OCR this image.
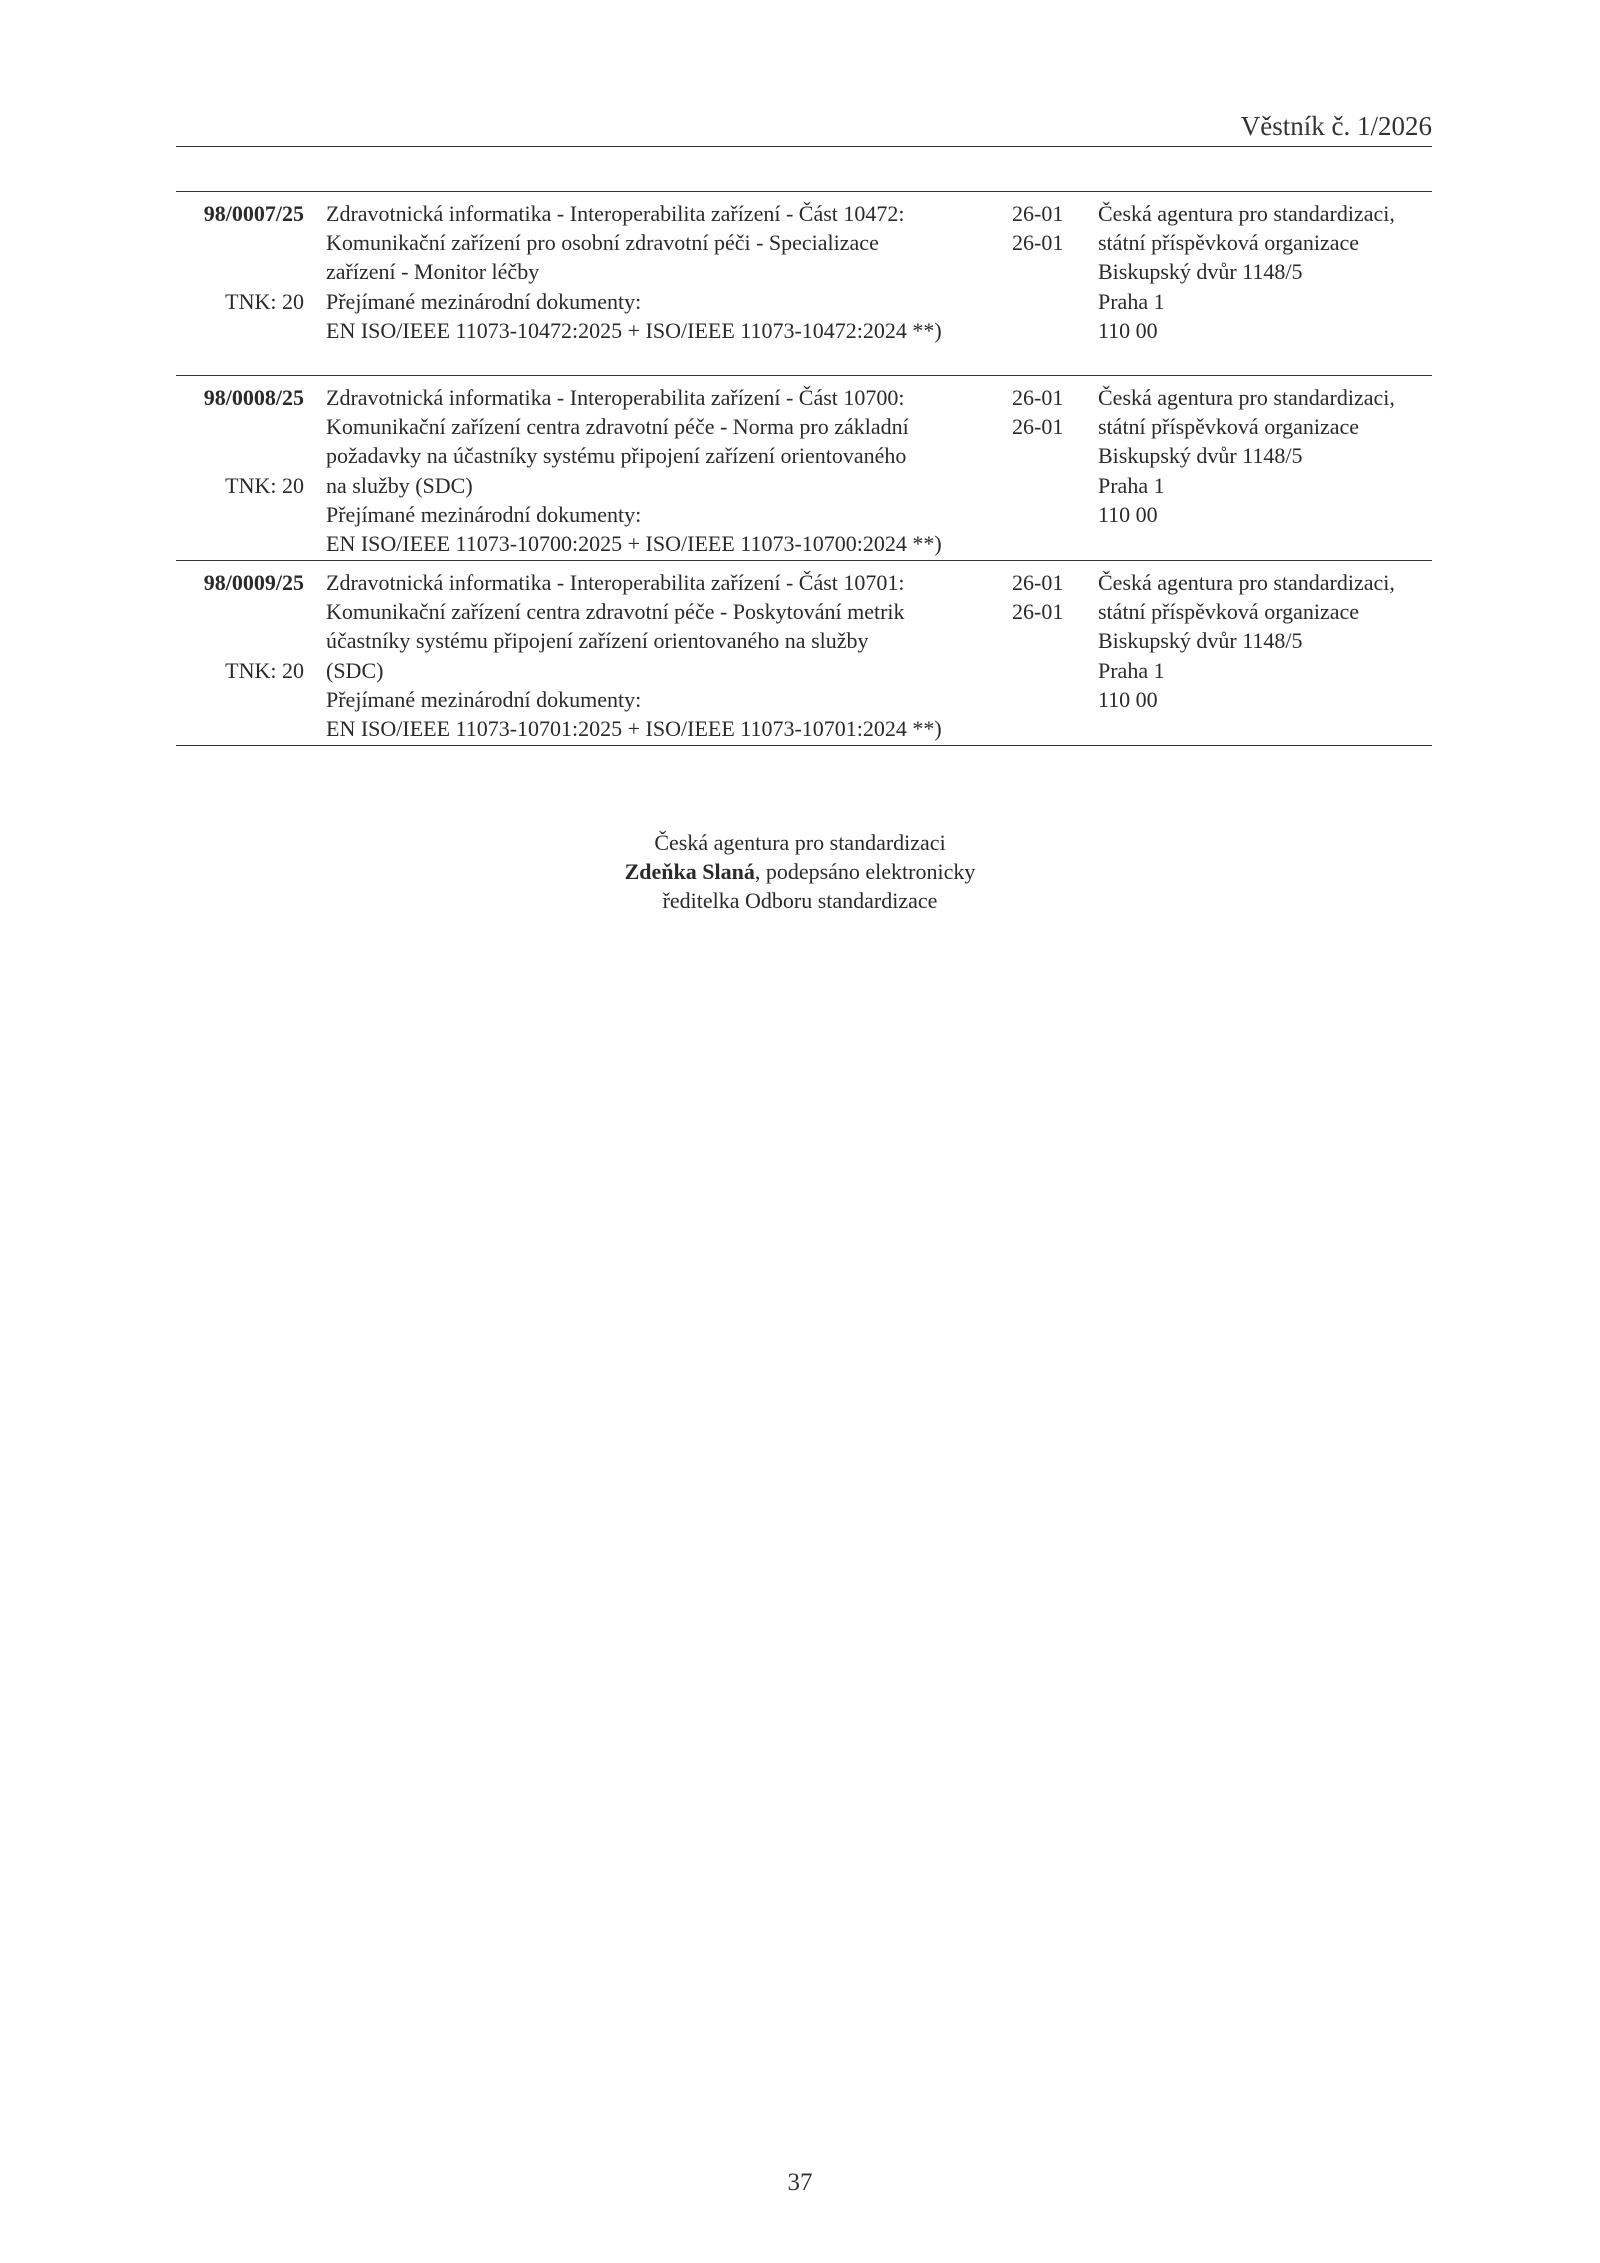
Věstník č. 1/2026
98/0007/25
TNK: 20
Zdravotnická informatika - Interoperabilita zařízení - Část 10472:
Komunikační zařízení pro osobní zdravotní péči - Specializace
zařízení - Monitor léčby
Přejímané mezinárodní dokumenty:
EN ISO/IEEE 11073-10472:2025 + ISO/IEEE 11073-10472:2024 **)
26-01
26-01
Česká agentura pro standardizaci,
státní příspěvková organizace
Biskupský dvůr 1148/5
Praha 1
110 00
98/0008/25
TNK: 20
Zdravotnická informatika - Interoperabilita zařízení - Část 10700:
Komunikační zařízení centra zdravotní péče - Norma pro základní
požadavky na účastníky systému připojení zařízení orientovaného
na služby (SDC)
Přejímané mezinárodní dokumenty:
EN ISO/IEEE 11073-10700:2025 + ISO/IEEE 11073-10700:2024 **)
26-01
26-01
Česká agentura pro standardizaci,
státní příspěvková organizace
Biskupský dvůr 1148/5
Praha 1
110 00
98/0009/25
TNK: 20
Zdravotnická informatika - Interoperabilita zařízení - Část 10701:
Komunikační zařízení centra zdravotní péče - Poskytování metrik
účastníky systému připojení zařízení orientovaného na služby
(SDC)
Přejímané mezinárodní dokumenty:
EN ISO/IEEE 11073-10701:2025 + ISO/IEEE 11073-10701:2024 **)
26-01
26-01
Česká agentura pro standardizaci,
státní příspěvková organizace
Biskupský dvůr 1148/5
Praha 1
110 00
Česká agentura pro standardizaci
Zdeňka Slaná, podepsáno elektronicky
ředitelka Odboru standardizace
37
